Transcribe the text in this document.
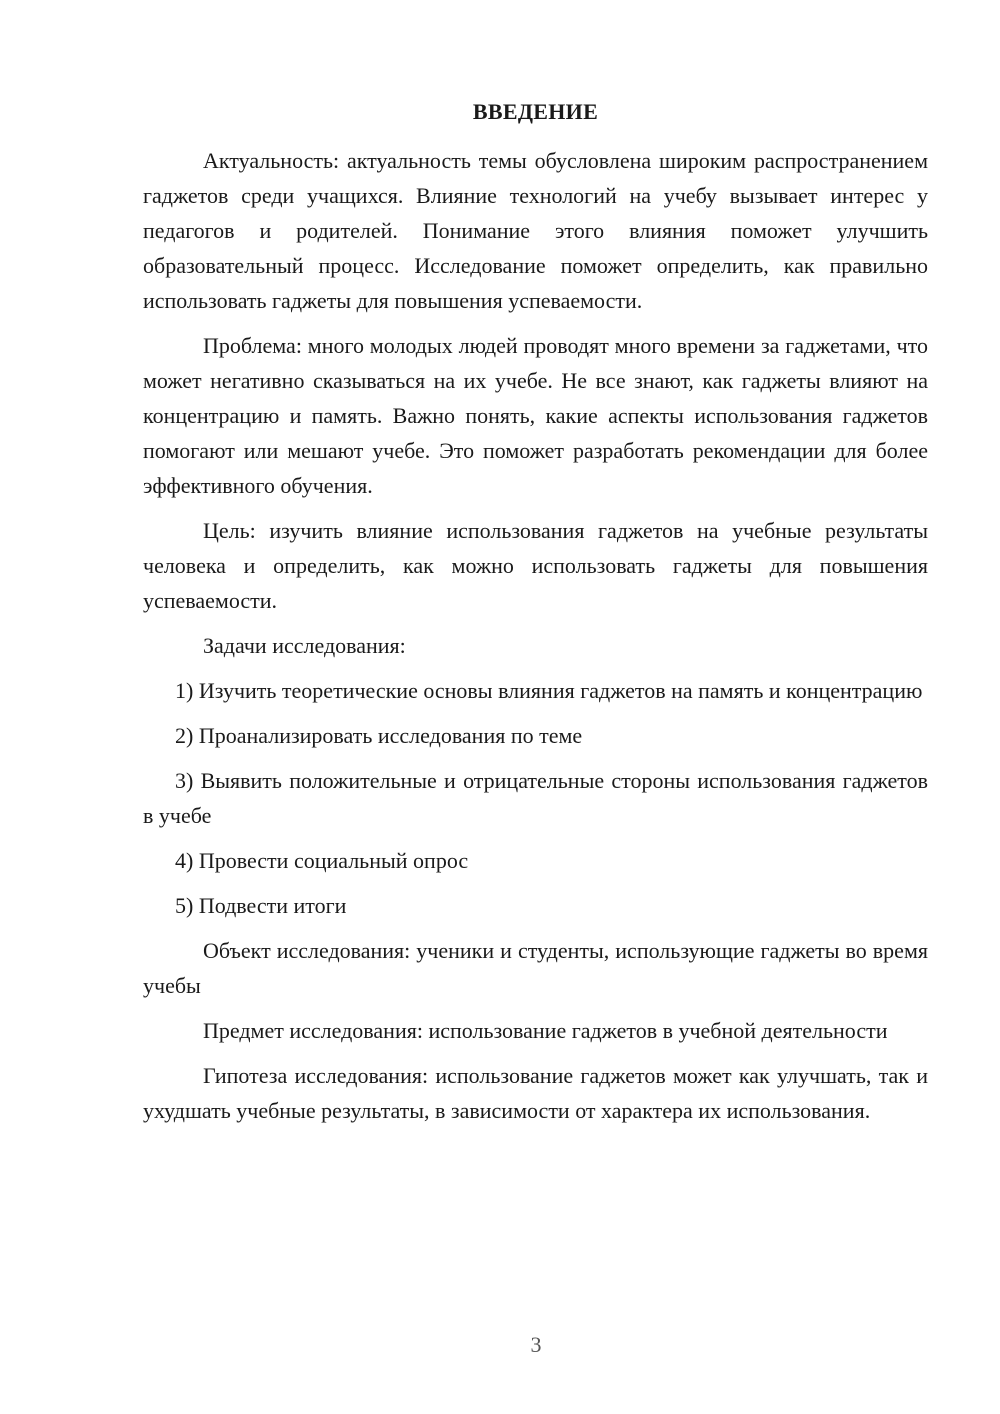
ВВЕДЕНИЕ

Актуальность: актуальность темы обусловлена широким распространением гаджетов среди учащихся. Влияние технологий на учебу вызывает интерес у педагогов и родителей. Понимание этого влияния поможет улучшить образовательный процесс. Исследование поможет определить, как правильно использовать гаджеты для повышения успеваемости.

Проблема: много молодых людей проводят много времени за гаджетами, что может негативно сказываться на их учебе. Не все знают, как гаджеты влияют на концентрацию и память. Важно понять, какие аспекты использования гаджетов помогают или мешают учебе. Это поможет разработать рекомендации для более эффективного обучения.

Цель: изучить влияние использования гаджетов на учебные результаты человека и определить, как можно использовать гаджеты для повышения успеваемости.

Задачи исследования:

1) Изучить теоретические основы влияния гаджетов на память и концентрацию

2) Проанализировать исследования по теме

3) Выявить положительные и отрицательные стороны использования гаджетов в учебе

4) Провести социальный опрос

5) Подвести итоги

Объект исследования: ученики и студенты, использующие гаджеты во время учебы

Предмет исследования: использование гаджетов в учебной деятельности

Гипотеза исследования: использование гаджетов может как улучшать, так и ухудшать учебные результаты, в зависимости от характера их использования.

3
